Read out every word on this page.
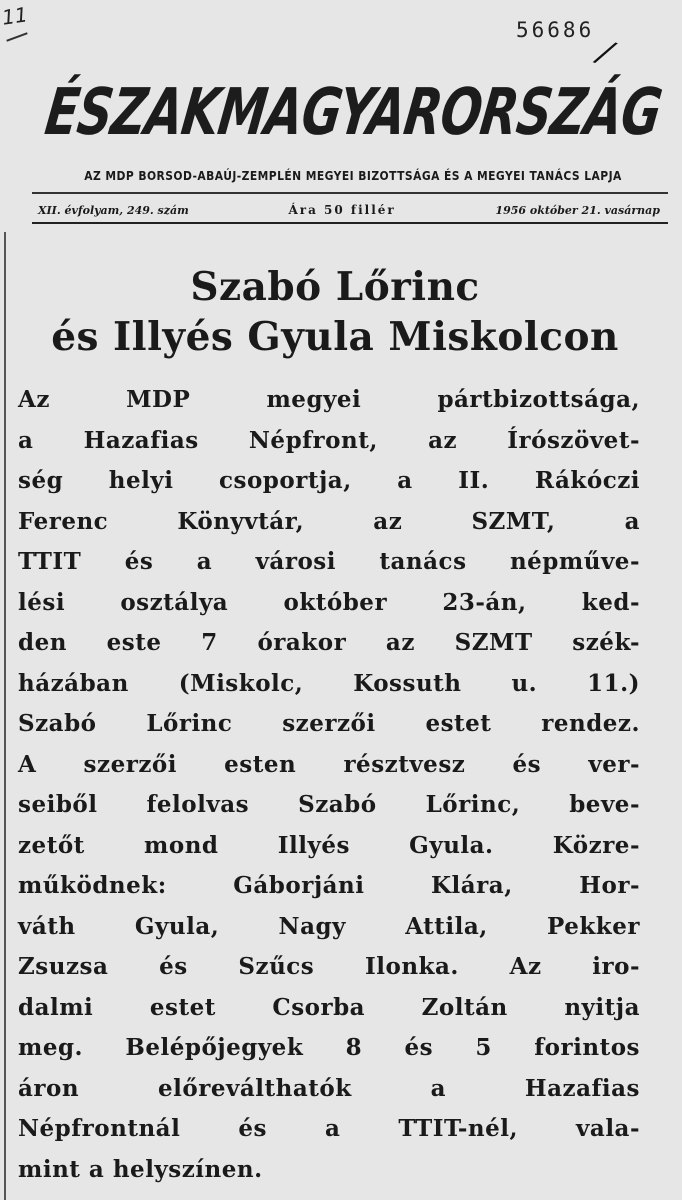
11
56686
⁄
ÉSZAKMAGYARORSZÁG
AZ MDP BORSOD-ABAÚJ-ZEMPLÉN MEGYEI BIZOTTSÁGA ÉS A MEGYEI TANÁCS LAPJA
XII. évfolyam, 249. szám	Ára 50 fillér	1956 október 21. vasárnap
Szabó Lőrinc
és Illyés Gyula Miskolcon
Az MDP megyei pártbizottsága,
a Hazafias Népfront, az Írószövet-
ség helyi csoportja, a II. Rákóczi
Ferenc Könyvtár, az SZMT, a
TTIT és a városi tanács népműve-
lési osztálya október 23-án, ked-
den este 7 órakor az SZMT szék-
házában (Miskolc, Kossuth u. 11.)
Szabó Lőrinc szerzői estet rendez.
A szerzői esten résztvesz és ver-
seiből felolvas Szabó Lőrinc, beve-
zetőt mond Illyés Gyula. Közre-
működnek: Gáborjáni Klára, Hor-
váth Gyula, Nagy Attila, Pekker
Zsuzsa és Szűcs Ilonka. Az iro-
dalmi estet Csorba Zoltán nyitja
meg. Belépőjegyek 8 és 5 forintos
áron előreválthatók a Hazafias
Népfrontnál és a TTIT-nél, vala-
mint a helyszínen.
